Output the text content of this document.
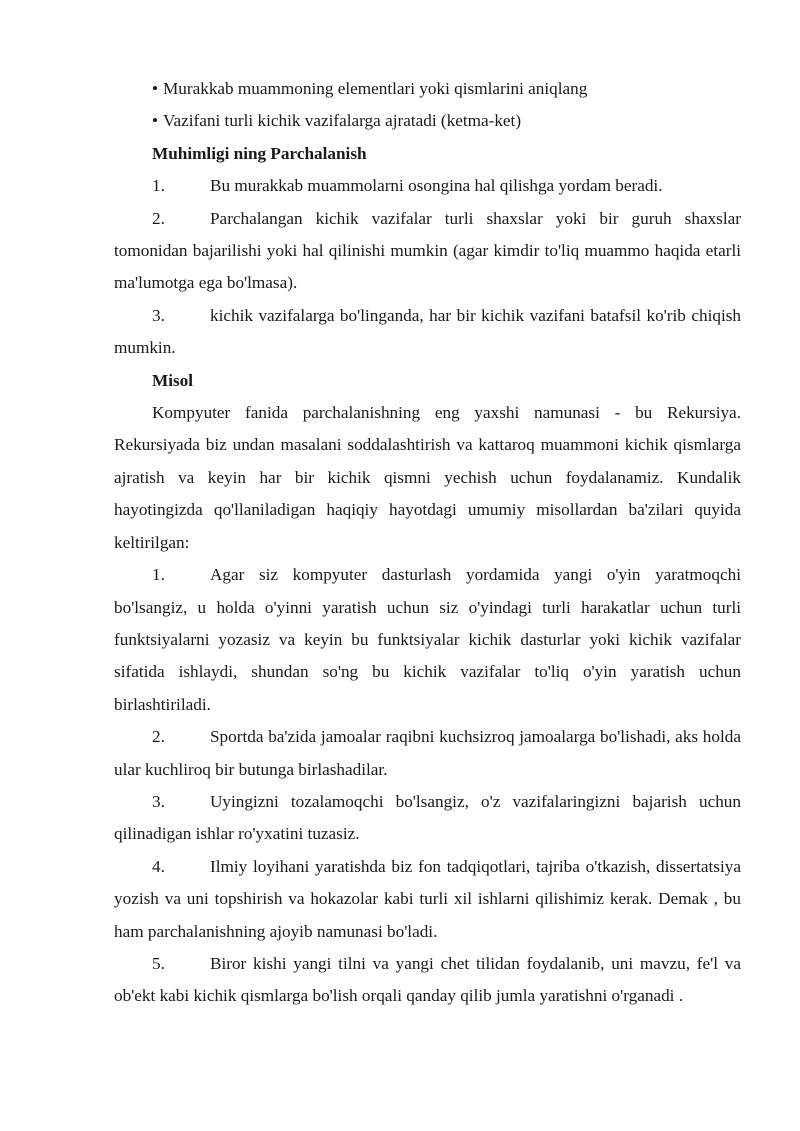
• Murakkab muammoning elementlari yoki qismlarini aniqlang
• Vazifani turli kichik vazifalarga ajratadi (ketma-ket)
Muhimligi ning Parchalanish
1.	Bu murakkab muammolarni osongina hal qilishga yordam beradi.
2.	Parchalangan kichik vazifalar turli shaxslar yoki bir guruh shaxslar tomonidan bajarilishi yoki hal qilinishi mumkin (agar kimdir to'liq muammo haqida etarli ma'lumotga ega bo'lmasa).
3.	kichik vazifalarga bo'linganda, har bir kichik vazifani batafsil ko'rib chiqish mumkin.
Misol
Kompyuter fanida parchalanishning eng yaxshi namunasi - bu Rekursiya. Rekursiyada biz undan masalani soddalashtirish va kattaroq muammoni kichik qismlarga ajratish va keyin har bir kichik qismni yechish uchun foydalanamiz. Kundalik hayotingizda qo'llaniladigan haqiqiy hayotdagi umumiy misollardan ba'zilari quyida keltirilgan:
1.	Agar siz kompyuter dasturlash yordamida yangi o'yin yaratmoqchi bo'lsangiz, u holda o'yinni yaratish uchun siz o'yindagi turli harakatlar uchun turli funktsiyalarni yozasiz va keyin bu funktsiyalar kichik dasturlar yoki kichik vazifalar sifatida ishlaydi, shundan so'ng bu kichik vazifalar to'liq o'yin yaratish uchun birlashtiriladi.
2.	Sportda ba'zida jamoalar raqibni kuchsizroq jamoalarga bo'lishadi, aks holda ular kuchliroq bir butunga birlashadilar.
3.	Uyingizni tozalamoqchi bo'lsangiz, o'z vazifalaringizni bajarish uchun qilinadigan ishlar ro'yxatini tuzasiz.
4.	Ilmiy loyihani yaratishda biz fon tadqiqotlari, tajriba o'tkazish, dissertatsiya yozish va uni topshirish va hokazolar kabi turli xil ishlarni qilishimiz kerak. Demak , bu ham parchalanishning ajoyib namunasi bo'ladi.
5.	Biror kishi yangi tilni va yangi chet tilidan foydalanib, uni mavzu, fe'l va ob'ekt kabi kichik qismlarga bo'lish orqali qanday qilib jumla yaratishni o'rganadi .
